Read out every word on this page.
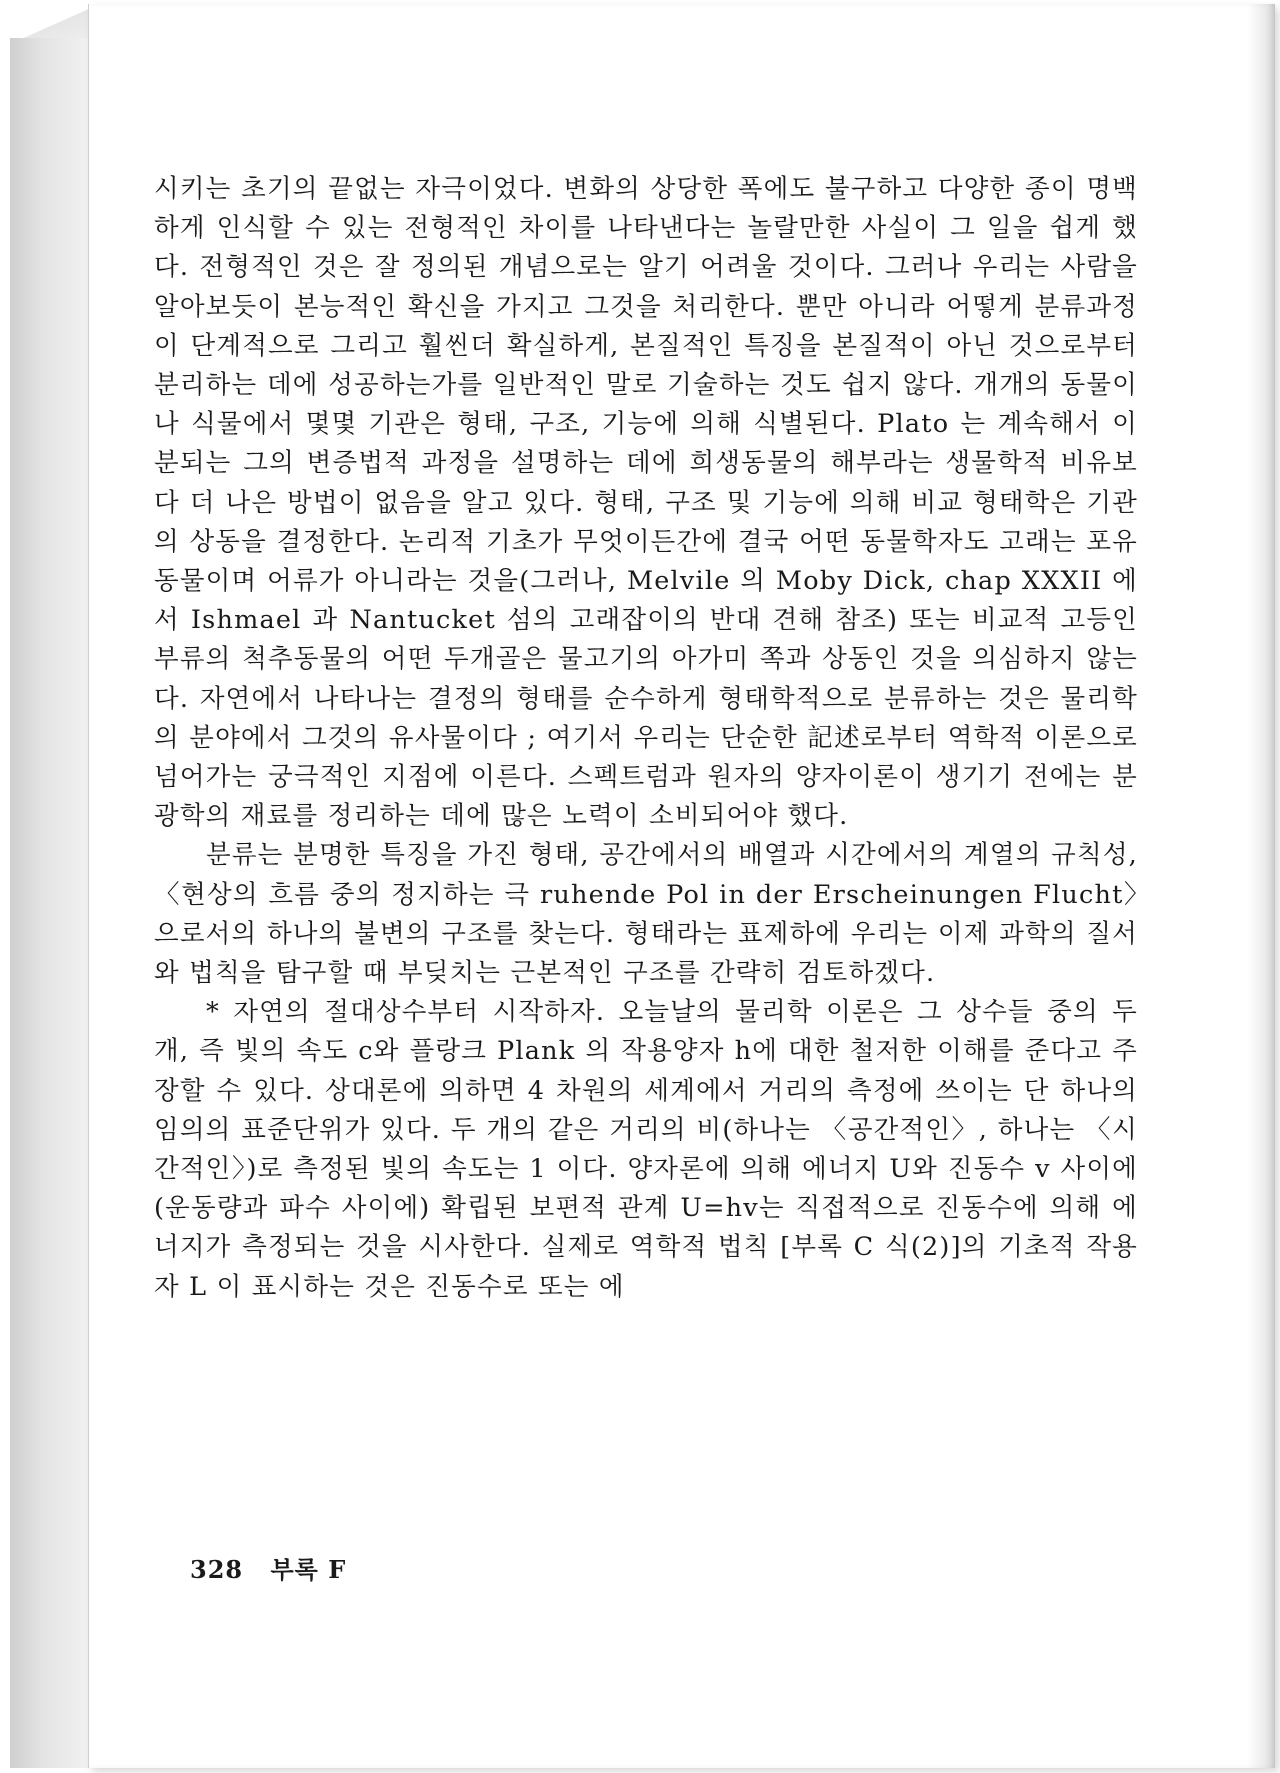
시키는 초기의 끝없는 자극이었다. 변화의 상당한 폭에도 불구하고 다양한 종이 명백하게 인식할 수 있는 전형적인 차이를 나타낸다는 놀랄만한 사실이 그 일을 쉽게 했다. 전형적인 것은 잘 정의된 개념으로는 알기 어려울 것이다. 그러나 우리는 사람을 알아보듯이 본능적인 확신을 가지고 그것을 처리한다. 뿐만 아니라 어떻게 분류과정이 단계적으로 그리고 훨씬더 확실하게, 본질적인 특징을 본질적이 아닌 것으로부터 분리하는 데에 성공하는가를 일반적인 말로 기술하는 것도 쉽지 않다. 개개의 동물이나 식물에서 몇몇 기관은 형태, 구조, 기능에 의해 식별된다. Plato 는 계속해서 이분되는 그의 변증법적 과정을 설명하는 데에 희생동물의 해부라는 생물학적 비유보다 더 나은 방법이 없음을 알고 있다. 형태, 구조 및 기능에 의해 비교 형태학은 기관의 상동을 결정한다. 논리적 기초가 무엇이든간에 결국 어떤 동물학자도 고래는 포유동물이며 어류가 아니라는 것을(그러나, Melvile 의 Moby Dick, chap XXXII 에서 Ishmael 과 Nantucket 섬의 고래잡이의 반대 견해 참조) 또는 비교적 고등인 부류의 척추동물의 어떤 두개골은 물고기의 아가미 쪽과 상동인 것을 의심하지 않는다. 자연에서 나타나는 결정의 형태를 순수하게 형태학적으로 분류하는 것은 물리학의 분야에서 그것의 유사물이다 ; 여기서 우리는 단순한 記述로부터 역학적 이론으로 넘어가는 궁극적인 지점에 이른다. 스펙트럼과 원자의 양자이론이 생기기 전에는 분광학의 재료를 정리하는 데에 많은 노력이 소비되어야 했다.

분류는 분명한 특징을 가진 형태, 공간에서의 배열과 시간에서의 계열의 규칙성, 〈현상의 흐름 중의 정지하는 극 ruhende Pol in der Erscheinungen Flucht〉으로서의 하나의 불변의 구조를 찾는다. 형태라는 표제하에 우리는 이제 과학의 질서와 법칙을 탐구할 때 부딪치는 근본적인 구조를 간략히 검토하겠다.

* 자연의 절대상수부터 시작하자. 오늘날의 물리학 이론은 그 상수들 중의 두 개, 즉 빛의 속도 c와 플랑크 Plank 의 작용양자 h에 대한 철저한 이해를 준다고 주장할 수 있다. 상대론에 의하면 4 차원의 세계에서 거리의 측정에 쓰이는 단 하나의 임의의 표준단위가 있다. 두 개의 같은 거리의 비(하나는 〈공간적인〉, 하나는 〈시간적인〉)로 측정된 빛의 속도는 1 이다. 양자론에 의해 에너지 U와 진동수 v 사이에 (운동량과 파수 사이에) 확립된 보편적 관계 U=hv는 직접적으로 진동수에 의해 에너지가 측정되는 것을 시사한다. 실제로 역학적 법칙 [부록 C 식(2)]의 기초적 작용자 L 이 표시하는 것은 진동수로 또는 에

328 부록 F
